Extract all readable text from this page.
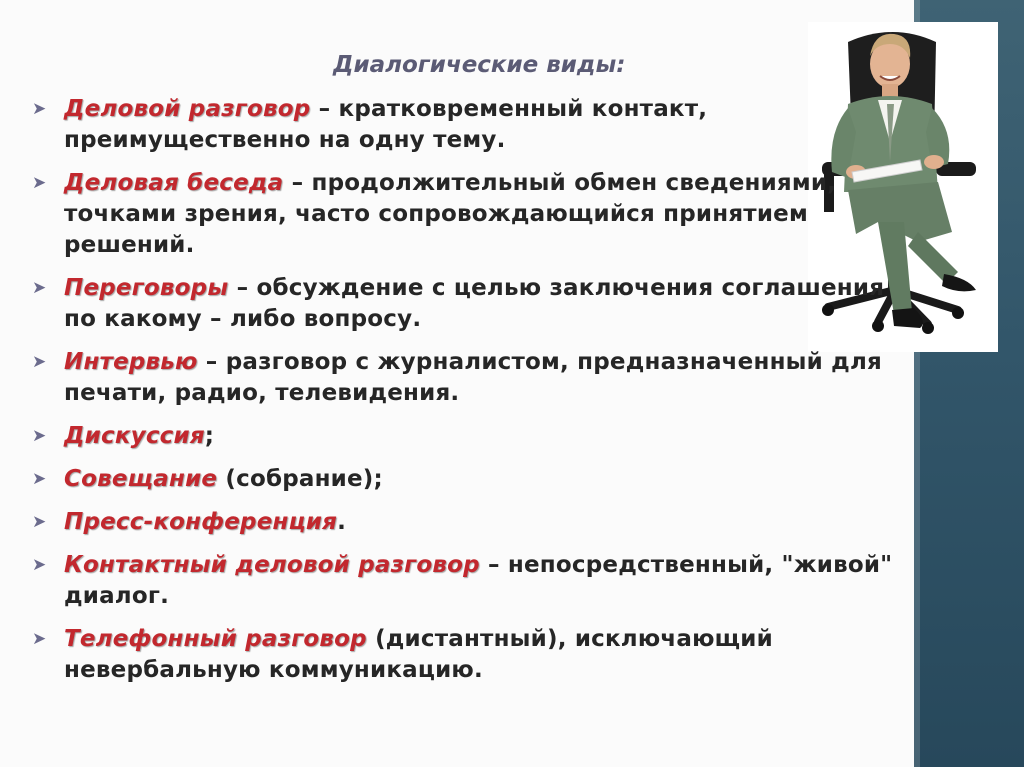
Диалогические виды:
➤ Деловой разговор – кратковременный контакт, преимущественно на одну тему.
➤ Деловая беседа – продолжительный обмен сведениями, точками зрения, часто сопровождающийся принятием решений.
➤ Переговоры – обсуждение с целью заключения соглашения по какому – либо вопросу.
➤ Интервью – разговор с журналистом, предназначенный для печати, радио, телевидения.
➤ Дискуссия;
➤ Совещание (собрание);
➤ Пресс-конференция.
➤ Контактный деловой разговор – непосредственный, "живой" диалог.
➤ Телефонный разговор (дистантный), исключающий невербальную коммуникацию.
